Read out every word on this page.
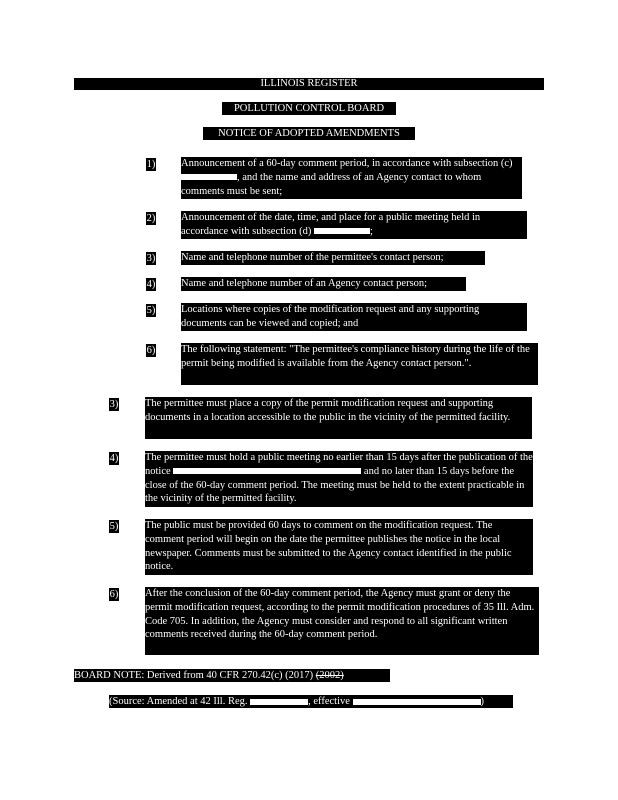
ILLINOIS REGISTER
POLLUTION CONTROL BOARD
NOTICE OF ADOPTED AMENDMENTS
1) Announcement of a 60-day comment period, in accordance with subsection (c) , and the name and address of an Agency contact to whom comments must be sent;
2) Announcement of the date, time, and place for a public meeting held in accordance with subsection (d)	;
3) Name and telephone number of the permittee's contact person;
4) Name and telephone number of an Agency contact person;
5) Locations where copies of the modification request and any supporting documents can be viewed and copied; and
6) The following statement: "The permittee's compliance history during the life of the permit being modified is available from the Agency contact person.".
3)	The permittee must place a copy of the permit modification request and supporting documents in a location accessible to the public in the vicinity of the permitted facility.
4)	The permittee must hold a public meeting no earlier than 15 days after the publication of the notice	and no later than 15 days before the close of the 60-day comment period. The meeting must be held to the extent practicable in the vicinity of the permitted facility.
5)	The public must be provided 60 days to comment on the modification request. The comment period will begin on the date the permittee publishes the notice in the local newspaper. Comments must be submitted to the Agency contact identified in the public notice.
6)	After the conclusion of the 60-day comment period, the Agency must grant or deny the permit modification request, according to the permit modification procedures of 35 Ill. Adm. Code 705. In addition, the Agency must consider and respond to all significant written comments received during the 60-day comment period.
BOARD NOTE: Derived from 40 CFR 270.42(c) (2017) (2002)
(Source: Amended at 42 Ill. Reg.	, effective	)
